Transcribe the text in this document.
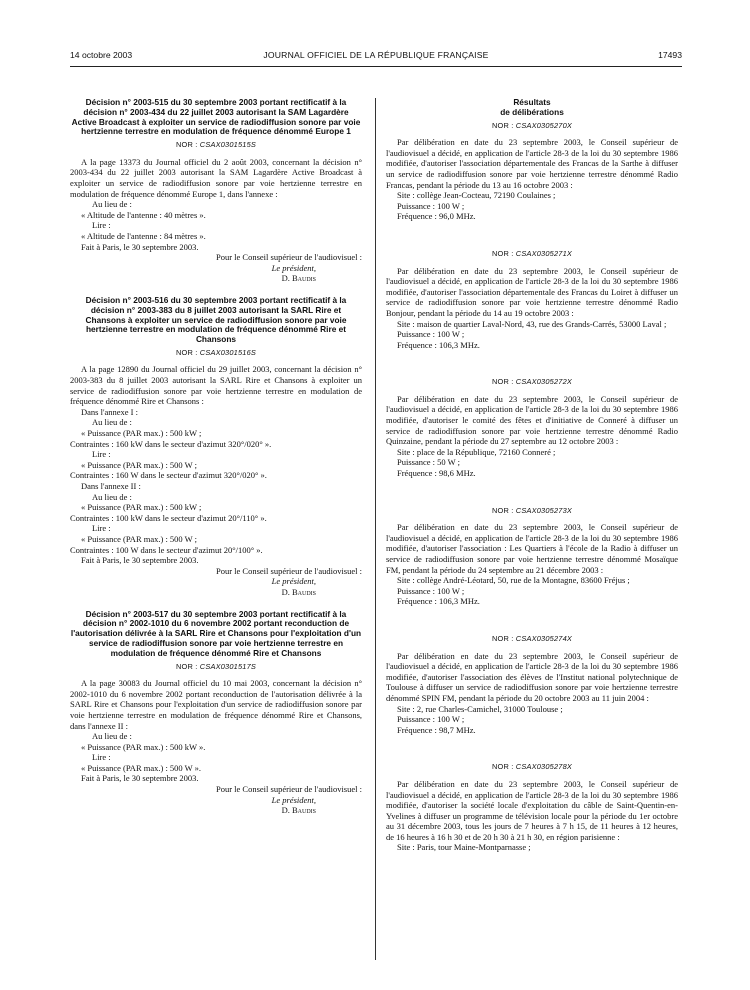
14 octobre 2003	JOURNAL OFFICIEL DE LA RÉPUBLIQUE FRANÇAISE	17493

Décision n° 2003-515 du 30 septembre 2003 portant rectificatif à la décision n° 2003-434 du 22 juillet 2003 autorisant la SAM Lagardère Active Broadcast à exploiter un service de radiodiffusion sonore par voie hertzienne terrestre en modulation de fréquence dénommé Europe 1

NOR : CSAX0301515S

A la page 13373 du Journal officiel du 2 août 2003, concernant la décision n° 2003-434 du 22 juillet 2003 autorisant la SAM Lagardère Active Broadcast à exploiter un service de radiodiffusion sonore par voie hertzienne terrestre en modulation de fréquence dénommé Europe 1, dans l'annexe :

Au lieu de :

« Altitude de l'antenne : 40 mètres ».

Lire :

« Altitude de l'antenne : 84 mètres ».

Fait à Paris, le 30 septembre 2003.

Pour le Conseil supérieur de l'audiovisuel :

Le président,

D. Baudis

Décision n° 2003-516 du 30 septembre 2003 portant rectificatif à la décision n° 2003-383 du 8 juillet 2003 autorisant la SARL Rire et Chansons à exploiter un service de radiodiffusion sonore par voie hertzienne terrestre en modulation de fréquence dénommé Rire et Chansons

NOR : CSAX0301516S

A la page 12890 du Journal officiel du 29 juillet 2003, concernant la décision n° 2003-383 du 8 juillet 2003 autorisant la SARL Rire et Chansons à exploiter un service de radiodiffusion sonore par voie hertzienne terrestre en modulation de fréquence dénommé Rire et Chansons :

Dans l'annexe I :

Au lieu de :

« Puissance (PAR max.) : 500 kW ;

Contraintes : 160 kW dans le secteur d'azimut 320°/020° ».

Lire :

« Puissance (PAR max.) : 500 W ;

Contraintes : 160 W dans le secteur d'azimut 320°/020° ».

Dans l'annexe II :

Au lieu de :

« Puissance (PAR max.) : 500 kW ;

Contraintes : 100 kW dans le secteur d'azimut 20°/110° ».

Lire :

« Puissance (PAR max.) : 500 W ;

Contraintes : 100 W dans le secteur d'azimut 20°/100° ».

Fait à Paris, le 30 septembre 2003.

Pour le Conseil supérieur de l'audiovisuel :

Le président,

D. Baudis

Décision n° 2003-517 du 30 septembre 2003 portant rectificatif à la décision n° 2002-1010 du 6 novembre 2002 portant reconduction de l'autorisation délivrée à la SARL Rire et Chansons pour l'exploitation d'un service de radiodiffusion sonore par voie hertzienne terrestre en modulation de fréquence dénommé Rire et Chansons

NOR : CSAX0301517S

A la page 30083 du Journal officiel du 10 mai 2003, concernant la décision n° 2002-1010 du 6 novembre 2002 portant reconduction de l'autorisation délivrée à la SARL Rire et Chansons pour l'exploitation d'un service de radiodiffusion sonore par voie hertzienne terrestre en modulation de fréquence dénommé Rire et Chansons, dans l'annexe II :

Au lieu de :

« Puissance (PAR max.) : 500 kW ».

Lire :

« Puissance (PAR max.) : 500 W ».

Fait à Paris, le 30 septembre 2003.

Pour le Conseil supérieur de l'audiovisuel :

Le président,

D. Baudis

Résultats

de délibérations

NOR : CSAX0305270X

Par délibération en date du 23 septembre 2003, le Conseil supérieur de l'audiovisuel a décidé, en application de l'article 28-3 de la loi du 30 septembre 1986 modifiée, d'autoriser l'association départementale des Francas de la Sarthe à diffuser un service de radiodiffusion sonore par voie hertzienne terrestre dénommé Radio Francas, pendant la période du 13 au 16 octobre 2003 :

Site : collège Jean-Cocteau, 72190 Coulaines ;

Puissance : 100 W ;

Fréquence : 96,0 MHz.

NOR : CSAX0305271X

Par délibération en date du 23 septembre 2003, le Conseil supérieur de l'audiovisuel a décidé, en application de l'article 28-3 de la loi du 30 septembre 1986 modifiée, d'autoriser l'association départementale des Francas du Loiret à diffuser un service de radiodiffusion sonore par voie hertzienne terrestre dénommé Radio Bonjour, pendant la période du 14 au 19 octobre 2003 :

Site : maison de quartier Laval-Nord, 43, rue des Grands-Carrés, 53000 Laval ;

Puissance : 100 W ;

Fréquence : 106,3 MHz.

NOR : CSAX0305272X

Par délibération en date du 23 septembre 2003, le Conseil supérieur de l'audiovisuel a décidé, en application de l'article 28-3 de la loi du 30 septembre 1986 modifiée, d'autoriser le comité des fêtes et d'initiative de Conneré à diffuser un service de radiodiffusion sonore par voie hertzienne terrestre dénommé Radio Quinzaine, pendant la période du 27 septembre au 12 octobre 2003 :

Site : place de la République, 72160 Conneré ;

Puissance : 50 W ;

Fréquence : 98,6 MHz.

NOR : CSAX0305273X

Par délibération en date du 23 septembre 2003, le Conseil supérieur de l'audiovisuel a décidé, en application de l'article 28-3 de la loi du 30 septembre 1986 modifiée, d'autoriser l'association : Les Quartiers à l'école de la Radio à diffuser un service de radiodiffusion sonore par voie hertzienne terrestre dénommé Mosaïque FM, pendant la période du 24 septembre au 21 décembre 2003 :

Site : collège André-Léotard, 50, rue de la Montagne, 83600 Fréjus ;

Puissance : 100 W ;

Fréquence : 106,3 MHz.

NOR : CSAX0305274X

Par délibération en date du 23 septembre 2003, le Conseil supérieur de l'audiovisuel a décidé, en application de l'article 28-3 de la loi du 30 septembre 1986 modifiée, d'autoriser l'association des élèves de l'Institut national polytechnique de Toulouse à diffuser un service de radiodiffusion sonore par voie hertzienne terrestre dénommé SPIN FM, pendant la période du 20 octobre 2003 au 11 juin 2004 :

Site : 2, rue Charles-Camichel, 31000 Toulouse ;

Puissance : 100 W ;

Fréquence : 98,7 MHz.

NOR : CSAX0305278X

Par délibération en date du 23 septembre 2003, le Conseil supérieur de l'audiovisuel a décidé, en application de l'article 28-3 de la loi du 30 septembre 1986 modifiée, d'autoriser la société locale d'exploitation du câble de Saint-Quentin-en-Yvelines à diffuser un programme de télévision locale pour la période du 1er octobre au 31 décembre 2003, tous les jours de 7 heures à 7 h 15, de 11 heures à 12 heures, de 16 heures à 16 h 30 et de 20 h 30 à 21 h 30, en région parisienne :

Site : Paris, tour Maine-Montparnasse ;
